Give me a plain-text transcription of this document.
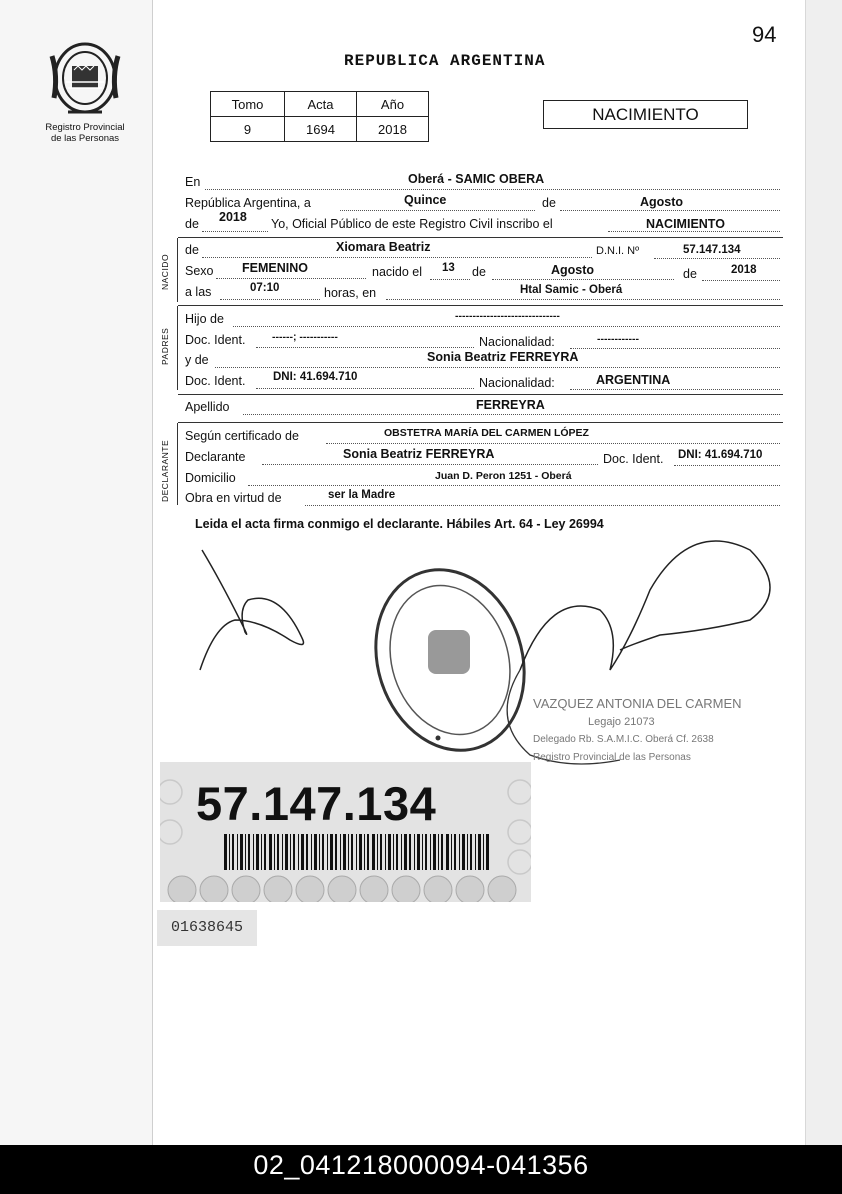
94
Registro Provincial
de las Personas
REPUBLICA ARGENTINA
Tomo	Acta	Año
9	1694	2018
NACIMIENTO
En	Oberá - SAMIC OBERA
República Argentina, a	Quince	de	Agosto
de 2018 Yo, Oficial Público de este Registro Civil inscribo el	NACIMIENTO
NACIDO
de	Xiomara Beatriz	D.N.I. Nº	57.147.134
Sexo FEMENINO	nacido el 13 de	Agosto	de	2018
a las	07:10	horas, en	Htal Samic - Oberá
PADRES
Hijo de	------------------------------
Doc. Ident.	------; -----------	Nacionalidad:	------------
y de	Sonia Beatriz FERREYRA
Doc. Ident. DNI: 41.694.710	Nacionalidad:	ARGENTINA
Apellido	FERREYRA
DECLARANTE
Según certificado de	OBSTETRA MARÍA DEL CARMEN LÓPEZ
Declarante	Sonia Beatriz FERREYRA	Doc. Ident. DNI: 41.694.710
Domicilio	Juan D. Peron 1251 - Oberá
Obra en virtud de	ser la Madre
Leida el acta firma conmigo el declarante. Hábiles Art. 64 - Ley 26994
VAZQUEZ ANTONIA DEL CARMEN
Legajo 21073
Delegado Rb. S.A.M.I.C. Oberá Cf. 2638
Registro Provincial de las Personas
57.147.134
01638645
02_041218000094-041356
